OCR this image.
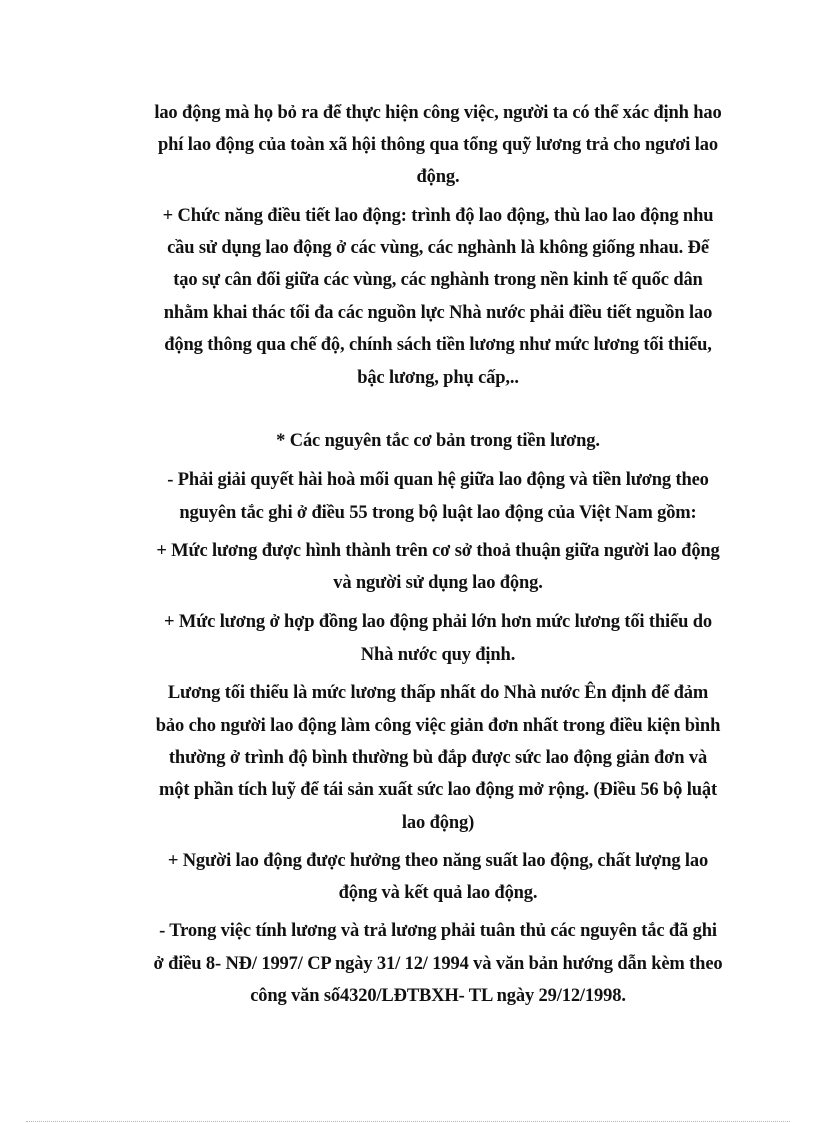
lao động mà họ bỏ ra để thực hiện công việc, người ta có thể xác định hao
phí lao động của toàn xã hội thông qua tổng quỹ lương trả cho ngươi lao
động.
+ Chức năng điều tiết lao động: trình độ lao động, thù lao lao động nhu
cầu sử dụng lao động ở các vùng, các nghành là không giống nhau. Để
tạo sự cân đối giữa các vùng, các nghành trong nền kinh tế quốc dân
nhằm khai thác tối đa các nguồn lực Nhà nước phải điều tiết nguồn lao
động thông qua chế độ, chính sách tiền lương như mức lương tối thiểu,
bậc lương, phụ cấp,..
* Các nguyên tắc cơ bản trong tiền lương.
- Phải giải quyết hài hoà mối quan hệ giữa lao động và tiền lương theo
nguyên tắc ghi ở điều 55 trong bộ luật lao động của Việt Nam gồm:
+ Mức lương được hình thành trên cơ sở thoả thuận giữa người lao động
và người sử dụng lao động.
+ Mức lương ở hợp đồng lao động phải lớn hơn mức lương tối thiểu do
Nhà nước quy định.
Lương tối thiểu là mức lương thấp nhất do Nhà nước Ên định để đảm
bảo cho người lao động làm công việc giản đơn nhất trong điều kiện bình
thường ở trình độ bình thường bù đắp được sức lao động giản đơn và
một phần tích luỹ để tái sản xuất sức lao động mở rộng. (Điều 56 bộ luật
lao động)
+ Người lao động được hưởng theo năng suất lao động, chất lượng lao
động và kết quả lao động.
- Trong việc tính lương và trả lương phải tuân thủ các nguyên tắc đã ghi
ở điều 8- NĐ/ 1997/ CP ngày 31/ 12/ 1994 và văn bản hướng dẫn kèm theo
công văn số4320/LĐTBXH- TL ngày 29/12/1998.
